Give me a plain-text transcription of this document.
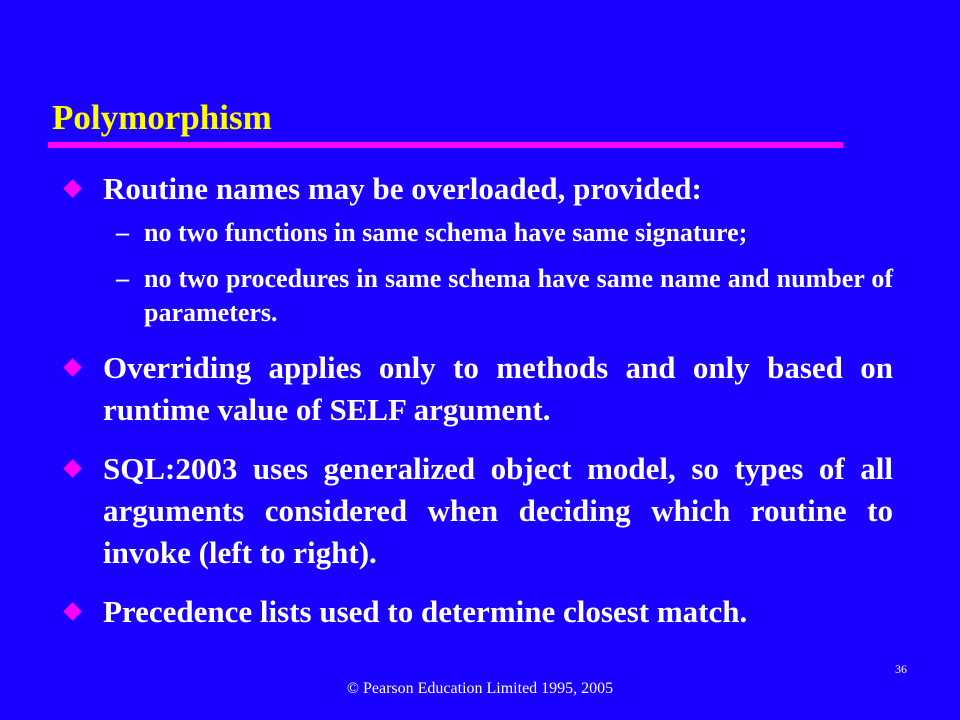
Polymorphism
Routine names may be overloaded, provided:
– no two functions in same schema have same signature;
– no two procedures in same schema have same name and number of parameters.
Overriding applies only to methods and only based on runtime value of SELF argument.
SQL:2003 uses generalized object model, so types of all arguments considered when deciding which routine to invoke (left to right).
Precedence lists used to determine closest match.
36
© Pearson Education Limited 1995, 2005
